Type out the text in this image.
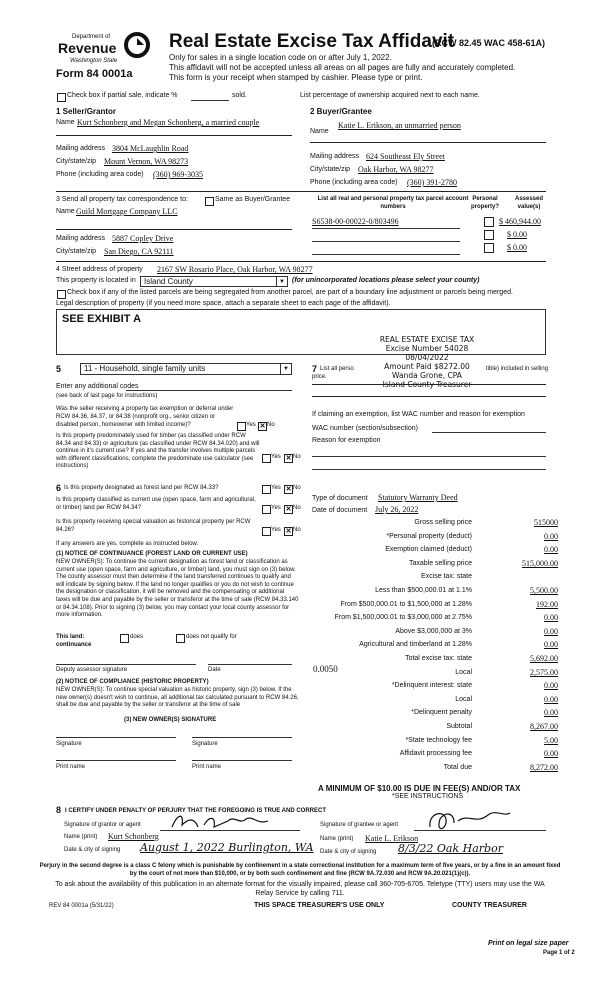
Department of
Revenue
Washington State
Form 84 0001a
Real Estate Excise Tax Affidavit
(RCW 82.45 WAC 458-61A)
Only for sales in a single location code on or after July 1, 2022.
This affidavit will not be accepted unless all areas on all pages are fully and accurately completed.
This form is your receipt when stamped by cashier. Please type or print.
Check box if partial sale, indicate %	sold.	List percentage of ownership acquired next to each name.
1 Seller/Grantor
Name Kurt Schonberg and Megan Schonberg, a married couple
Mailing address 3804 McLaughlin Road
City/state/zip Mount Vernon, WA 98273
Phone (including area code) (360) 969-3035
2 Buyer/Grantee
Katie L. Erikson, an unmarried person
Name
Mailing address 624 Southeast Ely Street
City/state/zip Oak Harbor, WA 98277
Phone (including area code) (360) 391-2780
3 Send all property tax correspondence to:	Same as Buyer/Grantee
Name Guild Mortgage Company LLC
Mailing address 5887 Copley Drive
City/state/zip San Diego, CA 92111
List all real and personal property tax parcel account numbers
Personal property?
Assessed value(s)
S6538-00-00022-0/803496	$ 460,944.00
$ 0.00
$ 0.00
4 Street address of property 2167 SW Rosario Place, Oak Harbor, WA 98277
This property is located in	Island County	▼ (for unincorporated locations please select your county)
Check box if any of the listed parcels are being segregated from another parcel, are part of a boundary line adjustment or parcels being merged.
Legal description of property (if you need more space, attach a separate sheet to each page of the affidavit).
SEE EXHIBIT A
REAL ESTATE EXCISE TAX
Excise Number 54028
08/04/2022
Amount Paid $8272.00
Wanda Grone, CPA
Island County Treasurer
5	11 - Household, single family units	▼
Enter any additional codes
(see back of last page for instructions)
Was the seller receiving a property tax exemption or deferral under RCW 84.36, 84.37, or 84.38 (nonprofit org., senior citizen or disabled person, homeowner with limited income)?	Yes ✕ No
Is this property predominately used for timber (as classified under RCW 84.34 and 84.33) or agriculture (as classified under RCW 84.34.020) and will continue in it's current use? If yes and the transfer involves multiple parcels with different classifications, complete the predominate use calculator (see instructions)
Yes ✕ No
7 List all perso
price.
tible) included in selling
If claiming an exemption, list WAC number and reason for exemption
WAC number (section/subsection)
Reason for exemption
6 Is this property designated as forest land per RCW 84.33?	Yes ✕ No
Is this property classified as current use (open space, farm and agricultural, or timber) land per RCW 84.34?	Yes ✕ No
Is this property receiving special valuation as historical property per RCW 84.26?	Yes ✕ No
If any answers are yes, complete as instructed below.
(1) NOTICE OF CONTINUANCE (FOREST LAND OR CURRENT USE)
NEW OWNER(S): To continue the current designation as forest land or classification as current use (open space, farm and agriculture, or timber) land, you must sign on (3) below. The county assessor must then determine if the land transferred continues to qualify and will indicate by signing below. If the land no longer qualifies or you do not wish to continue the designation or classification, it will be removed and the compensating or additional taxes will be due and payable by the seller or transferor at the time of sale (RCW 84.33.140 or 84.34.108). Prior to signing (3) below, you may contact your local county assessor for more information.
This land:
continuance
does	does not qualify for
Deputy assessor signature	Date
(2) NOTICE OF COMPLIANCE (HISTORIC PROPERTY)
NEW OWNER(S): To continue special valuation as historic property, sign (3) below. If the new owner(s) doesn't wish to continue, all additional tax calculated pursuant to RCW 84.26, shall be due and payable by the seller or transferor at the time of sale
(3) NEW OWNER(S) SIGNATURE
Signature	Signature
Print name	Print name
Type of document Statutory Warranty Deed
Date of document July 26, 2022
Gross selling price	515000
*Personal property (deduct)	0.00
Exemption claimed (deduct)	0.00
Taxable selling price	515,000.00
Excise tax: state
Less than $500,000.01 at 1.1%	5,500.00
From $500,000.01 to $1,500,000 at 1.28%	192.00
From $1,500,000.01 to $3,000,000 at 2.75%	0.00
Above $3,000,000 at 3%	0.00
Agricultural and timberland at 1.28%	0.00
Total excise tax: state	5,692.00
Local	2,575.00
*Delinquent interest: state	0.00
Local	0.00
*Delinquent penalty	0.00
Subtotal	8,267.00
*State technology fee	5.00
Affidavit processing fee	0.00
Total due	8,272.00
0.0050
A MINIMUM OF $10.00 IS DUE IN FEE(S) AND/OR TAX
*SEE INSTRUCTIONS
8 I CERTIFY UNDER PENALTY OF PERJURY THAT THE FOREGOING IS TRUE AND CORRECT
Signature of grantor or agent
Name (print) Kurt Schonberg
Date & city of signing August 1, 2022 Burlington, WA
Signature of grantee or agent
Name (print) Katie L. Erikson
Date & city of signing 8/3/22 Oak Harbor
Perjury in the second degree is a class C felony which is punishable by confinement in a state correctional institution for a maximum term of five years, or by a fine in an amount fixed by the court of not more than $10,000, or by both such confinement and fine (RCW 9A.72.030 and RCW 9A.20.021(1)(c)).
To ask about the availability of this publication in an alternate format for the visually impaired, please call 360-705-6705. Teletype (TTY) users may use the WA Relay Service by calling 711.
REV 84 0001a (5/31/22)	THIS SPACE TREASURER'S USE ONLY	COUNTY TREASURER
Print on legal size paper
Page 1 of 2
